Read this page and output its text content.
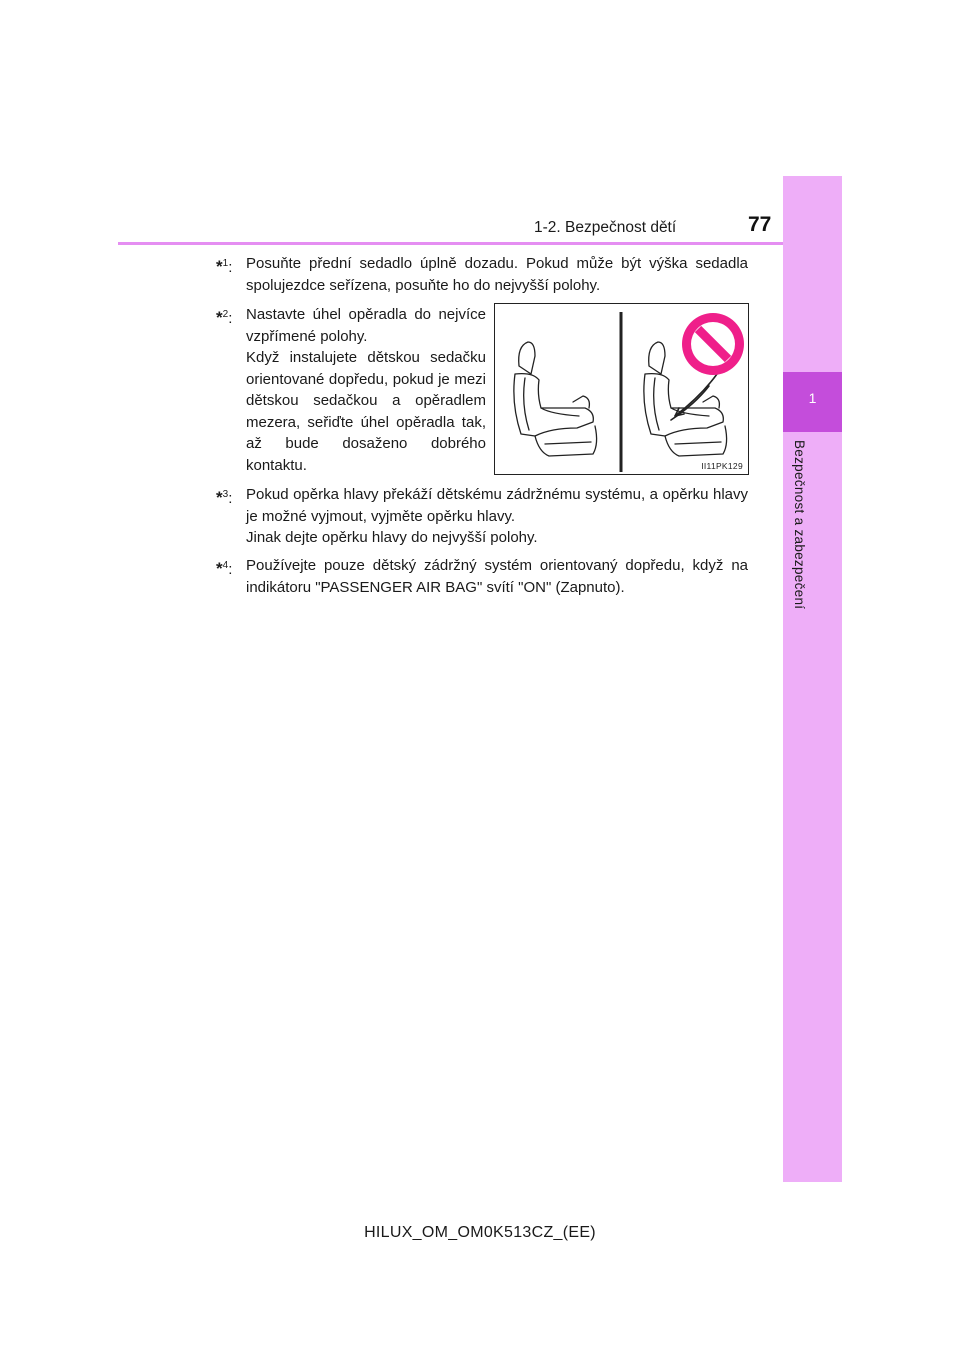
1
Bezpečnost a zabezpečení
1-2. Bezpečnost dětí	77
*$^1$: Posuňte přední sedadlo úplně dozadu. Pokud může být výška sedadla spolujezdce seřízena, posuňte ho do nejvyšší polohy.

*$^2$: Nastavte úhel opěradla do nejvíce vzpřímené polohy.

Když instalujete dětskou sedačku orientované dopředu, pokud je mezi dětskou sedačkou a opěradlem mezera, seřiďte úhel opěradla tak, až bude dosaženo dobrého kontaktu.	II11PK129
*$^3$: Pokud opěrka hlavy překáží dětskému zádržnému systému, a opěrku hlavy je možné vyjmout, vyjměte opěrku hlavy.

Jinak dejte opěrku hlavy do nejvyšší polohy.

*$^4$: Používejte pouze dětský zádržný systém orientovaný dopředu, když na indikátoru "PASSENGER AIR BAG" svítí "ON" (Zapnuto).

HILUX_OM_OM0K513CZ_(EE)
